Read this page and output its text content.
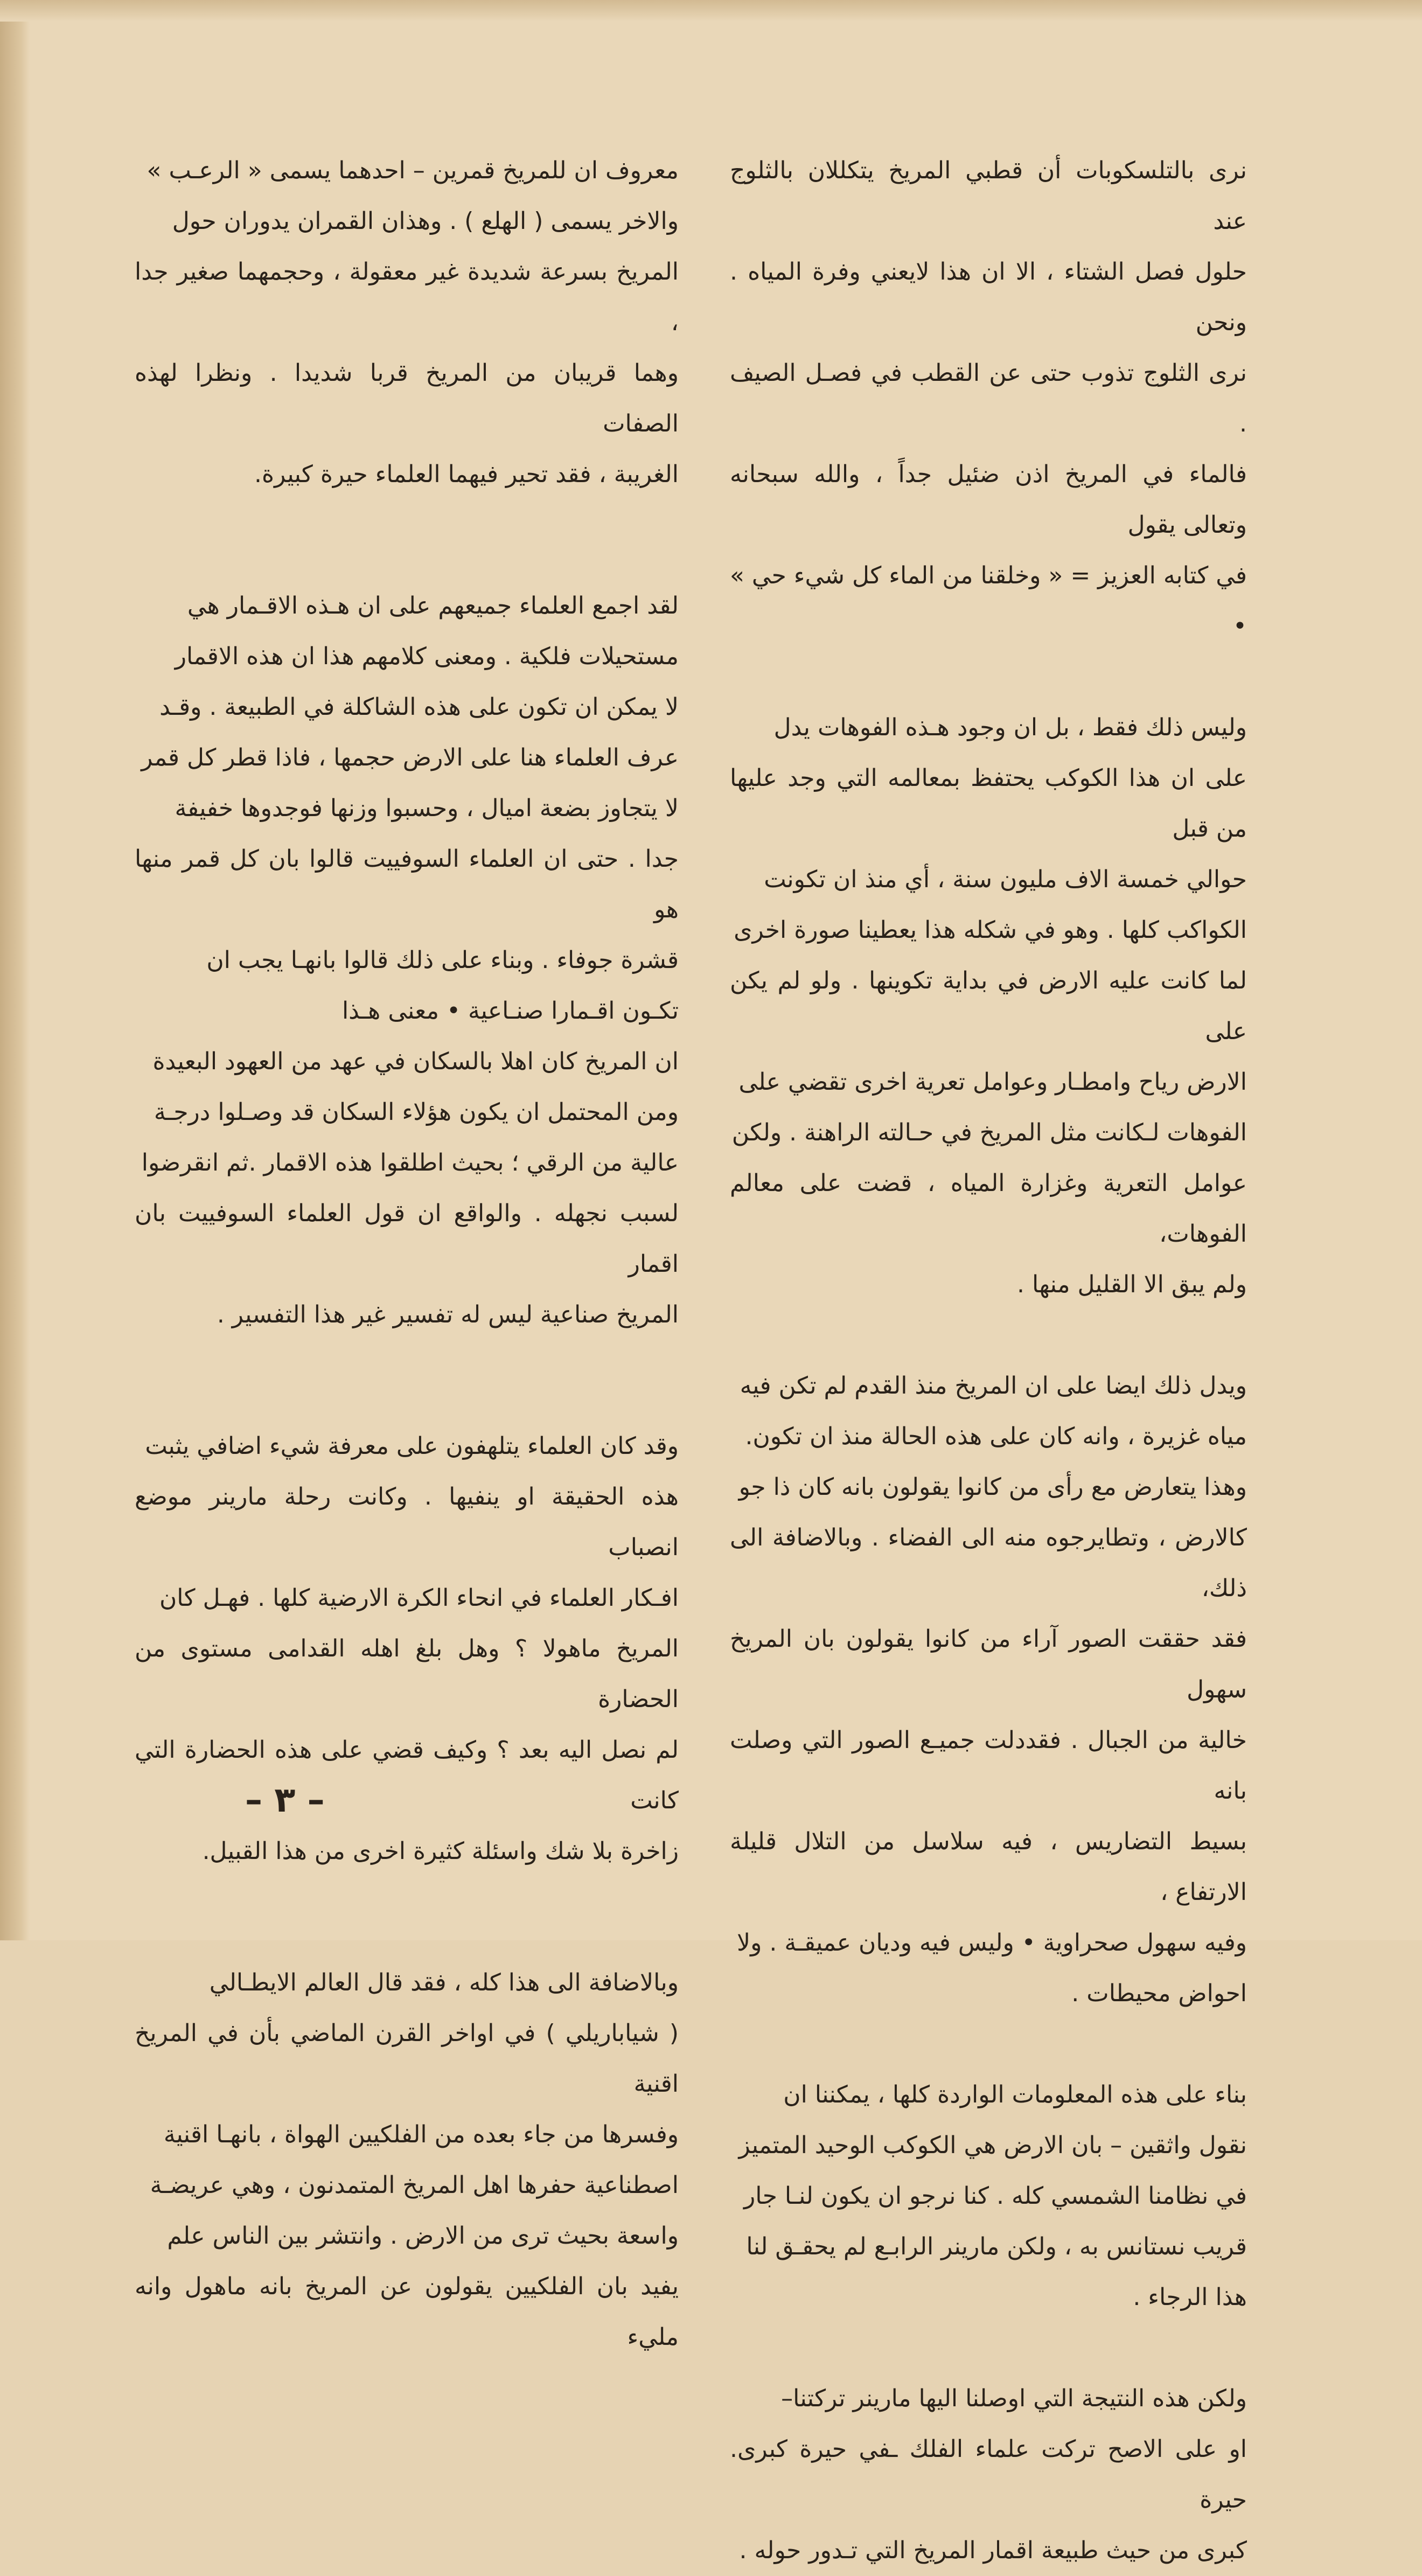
نرى بالتلسكوبات أن قطبي المريخ يتكللان بالثلوج عند
حلول فصل الشتاء ، الا ان هذا لايعني وفرة المياه . ونحن
نرى الثلوج تذوب حتى عن القطب في فصـل الصيف .
فالماء في المريخ اذن ضئيل جداً ، والله سبحانه وتعالى يقول
في كتابه العزيز = « وخلقنا من الماء كل شيء حي » •

وليس ذلك فقط ، بل ان وجود هـذه الفوهات يدل
على ان هذا الكوكب يحتفظ بمعالمه التي وجد عليها من قبل
حوالي خمسة الاف مليون سنة ، أي منذ ان تكونت
الكواكب كلها . وهو في شكله هذا يعطينا صورة اخرى
لما كانت عليه الارض في بداية تكوينها . ولو لم يكن على
الارض رياح وامطـار وعوامل تعرية اخرى تقضي على
الفوهات لـكانت مثل المريخ في حـالته الراهنة . ولكن
عوامل التعرية وغزارة المياه ، قضت على معالم الفوهات،
ولم يبق الا القليل منها .

ويدل ذلك ايضا على ان المريخ منذ القدم لم تكن فيه
مياه غزيرة ، وانه كان على هذه الحالة منذ ان تكون.
وهذا يتعارض مع رأى من كانوا يقولون بانه كان ذا جو
كالارض ، وتطايرجوه منه الى الفضاء . وبالاضافة الى ذلك،
فقد حققت الصور آراء من كانوا يقولون بان المريخ سهول
خالية من الجبال . فقددلت جميـع الصور التي وصلت بانه
بسيط التضاريس ، فيه سلاسل من التلال قليلة الارتفاع ،
وفيه سهول صحراوية • وليس فيه وديان عميقـة . ولا
احواض محيطات .

بناء على هذه المعلومات الواردة كلها ، يمكننا ان
نقول واثقين – بان الارض هي الكوكب الوحيد المتميز
في نظامنا الشمسي كله . كنا نرجو ان يكون لنـا جار
قريب نستانس به ، ولكن مارينر الرابـع لم يحقـق لنا
هذا الرجاء .

ولكن هذه النتيجة التي اوصلنا اليها مارينر تركتنا–
او على الاصح تركت علماء الفلك ـفي حيرة كبرى. حيرة
كبرى من حيث طبيعة اقمار المريخ التي تـدور حوله .

معروف ان للمريخ قمرين – احدهما يسمى « الرعـب »
والاخر يسمى ( الهلع ) . وهذان القمران يدوران حول
المريخ بسرعة شديدة غير معقولة ، وحجمهما صغير جدا ،
وهما قريبان من المريخ قربا شديدا . ونظرا لهذه الصفات
الغريبة ، فقد تحير فيهما العلماء حيرة كبيرة.

لقد اجمع العلماء جميعهم على ان هـذه الاقـمار هي
مستحيلات فلكية . ومعنى كلامهم هذا ان هذه الاقمار
لا يمكن ان تكون على هذه الشاكلة في الطبيعة . وقـد
عرف العلماء هنا على الارض حجمها ، فاذا قطر كل قمر
لا يتجاوز بضعة اميال ، وحسبوا وزنها فوجدوها خفيفة
جدا . حتى ان العلماء السوفييت قالوا بان كل قمر منها هو
قشرة جوفاء . وبناء على ذلك قالوا بانهـا يجب ان
تكـون اقـمارا صنـاعية • معنى هـذا
ان المريخ كان اهلا بالسكان في عهد من العهود البعيدة
ومن المحتمل ان يكون هؤلاء السكان قد وصـلوا درجـة
عالية من الرقي ؛ بحيث اطلقوا هذه الاقمار .ثم انقرضوا
لسبب نجهله . والواقع ان قول العلماء السوفييت بان اقمار
المريخ صناعية ليس له تفسير غير هذا التفسير .

وقد كان العلماء يتلهفون على معرفة شيء اضافي يثبت
هذه الحقيقة او ينفيها . وكانت رحلة مارينر موضع انصباب
افـكار العلماء في انحاء الكرة الارضية كلها . فهـل كان
المريخ ماهولا ؟ وهل بلغ اهله القدامى مستوى من الحضارة
لم نصل اليه بعد ؟ وكيف قضي على هذه الحضارة التي كانت
زاخرة بلا شك واسئلة كثيرة اخرى من هذا القبيل.

وبالاضافة الى هذا كله ، فقد قال العالم الايطـالي
( شياباريلي ) في اواخر القرن الماضي بأن في المريخ اقنية
وفسرها من جاء بعده من الفلكيين الهواة ، بانهـا اقنية
اصطناعية حفرها اهل المريخ المتمدنون ، وهي عريضـة
واسعة بحيث ترى من الارض . وانتشر بين الناس علم
يفيد بان الفلكيين يقولون عن المريخ بانه ماهول وانه مليء

– ٣ –
